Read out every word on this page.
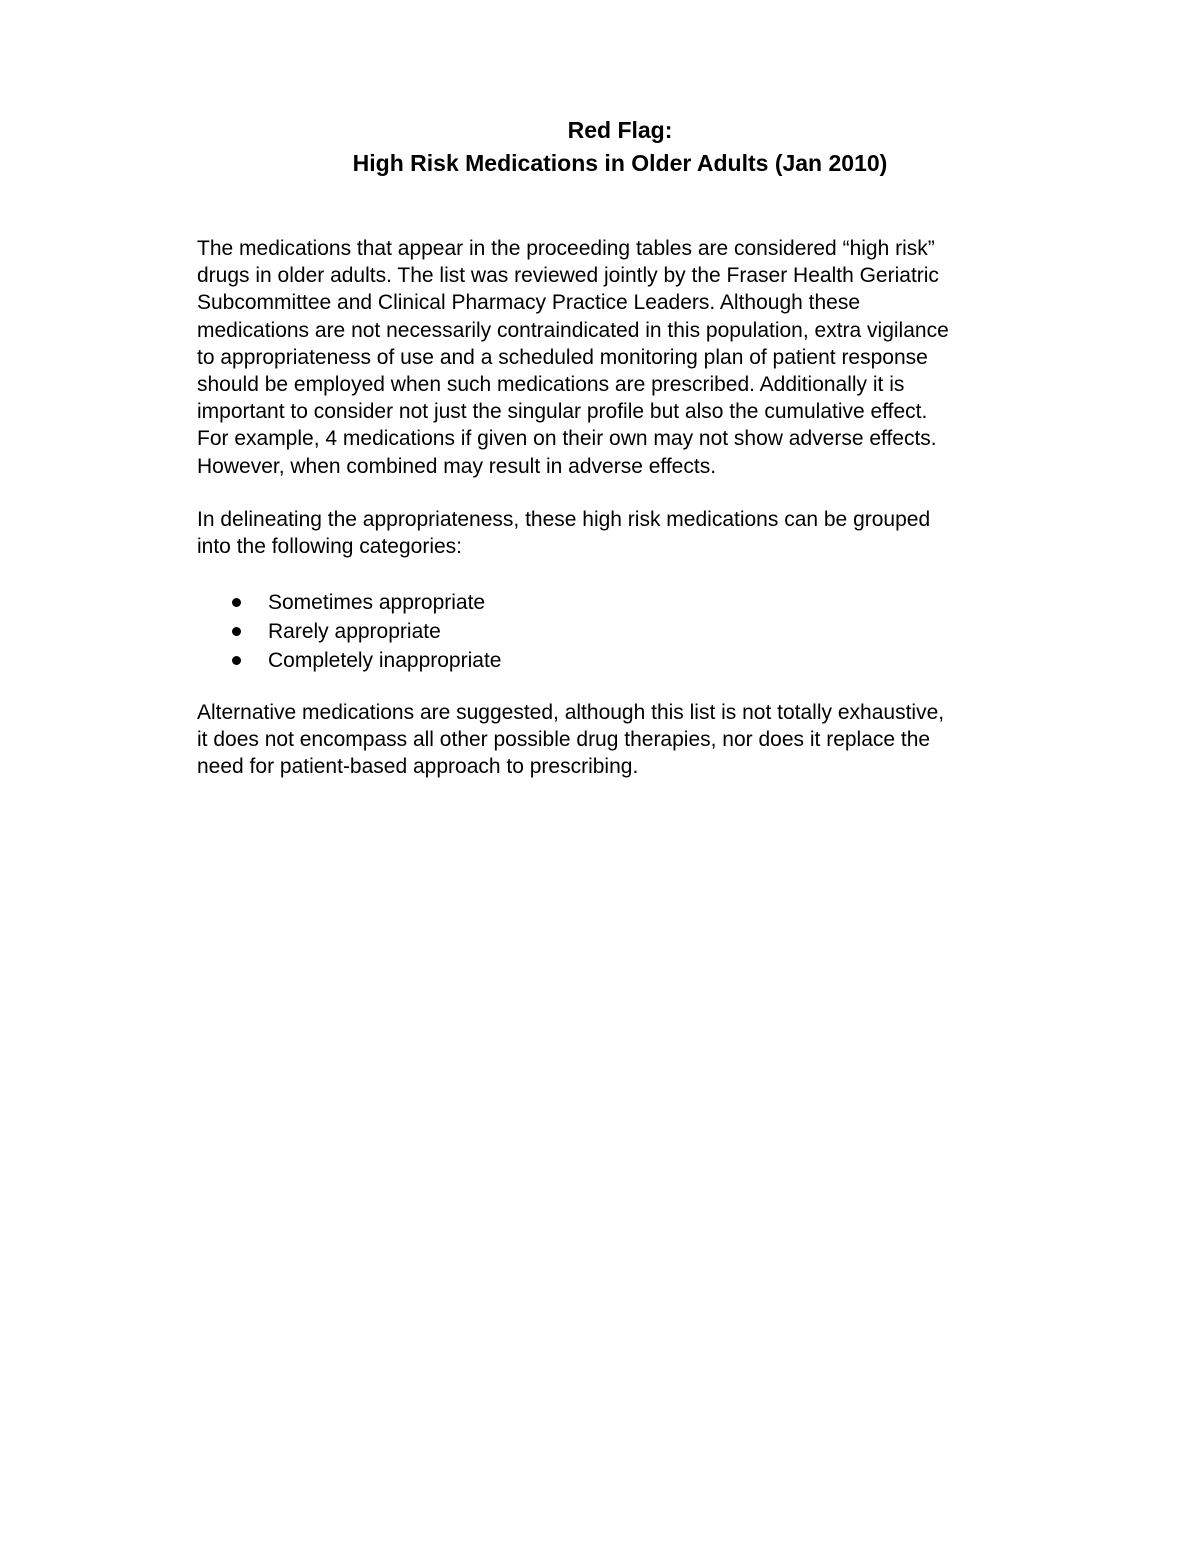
Red Flag:
High Risk Medications in Older Adults (Jan 2010)
The medications that appear in the proceeding tables are considered “high risk”
drugs in older adults. The list was reviewed jointly by the Fraser Health Geriatric
Subcommittee and Clinical Pharmacy Practice Leaders. Although these
medications are not necessarily contraindicated in this population, extra vigilance
to appropriateness of use and a scheduled monitoring plan of patient response
should be employed when such medications are prescribed. Additionally it is
important to consider not just the singular profile but also the cumulative effect.
For example, 4 medications if given on their own may not show adverse effects.
However, when combined may result in adverse effects.
In delineating the appropriateness, these high risk medications can be grouped
into the following categories:
Sometimes appropriate
Rarely appropriate
Completely inappropriate
Alternative medications are suggested, although this list is not totally exhaustive,
it does not encompass all other possible drug therapies, nor does it replace the
need for patient-based approach to prescribing.
